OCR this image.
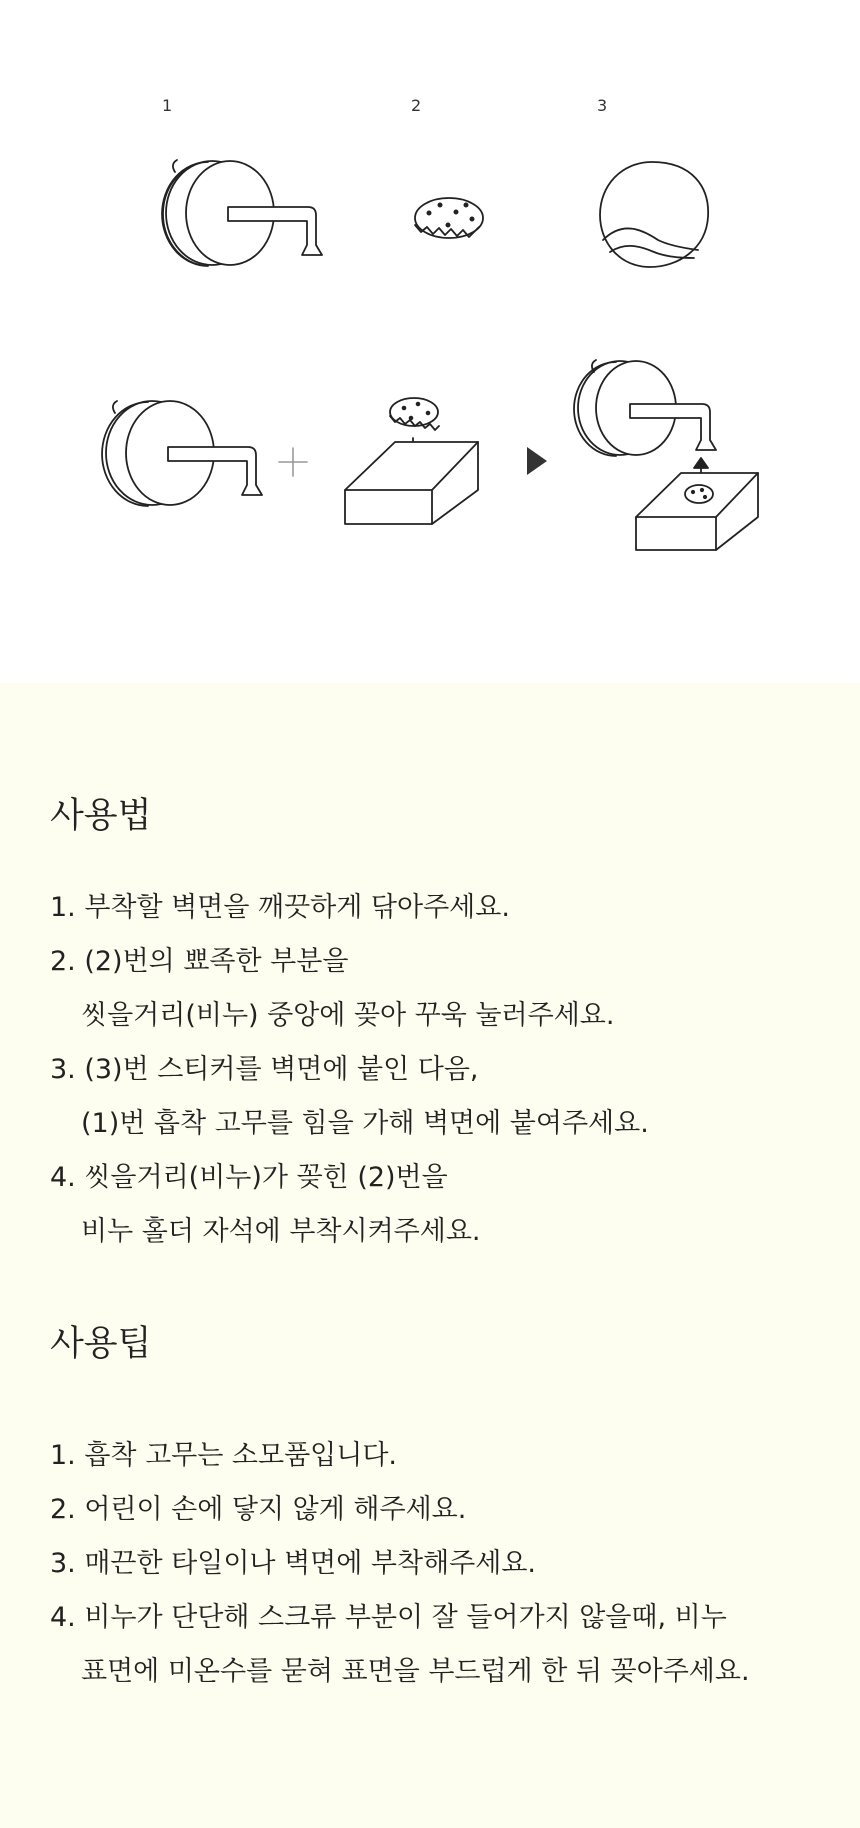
1	2	3
사용법
1. 부착할 벽면을 깨끗하게 닦아주세요.
2. (2)번의 뾰족한 부분을
씻을거리(비누) 중앙에 꽂아 꾸욱 눌러주세요.
3. (3)번 스티커를 벽면에 붙인 다음,
(1)번 흡착 고무를 힘을 가해 벽면에 붙여주세요.
4. 씻을거리(비누)가 꽂힌 (2)번을
비누 홀더 자석에 부착시켜주세요.
사용팁
1. 흡착 고무는 소모품입니다.
2. 어린이 손에 닿지 않게 해주세요.
3. 매끈한 타일이나 벽면에 부착해주세요.
4. 비누가 단단해 스크류 부분이 잘 들어가지 않을때, 비누
표면에 미온수를 묻혀 표면을 부드럽게 한 뒤 꽂아주세요.
